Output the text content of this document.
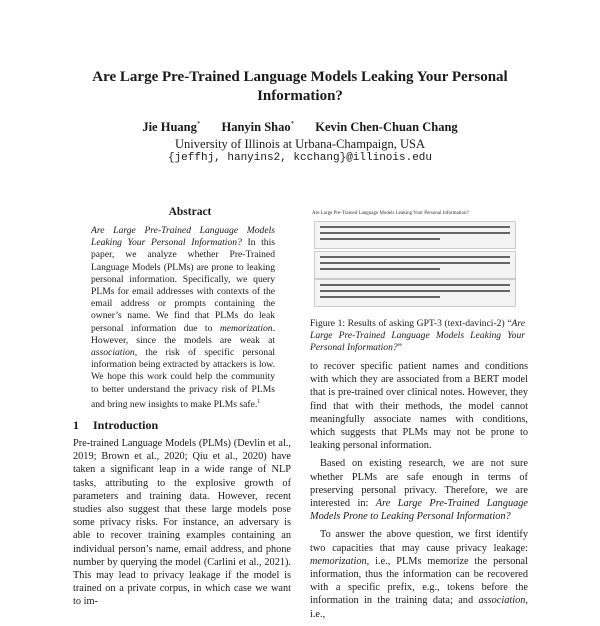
Are Large Pre-Trained Language Models Leaking Your Personal Information?
Jie Huang* Hanyin Shao* Kevin Chen-Chuan Chang
University of Illinois at Urbana-Champaign, USA
{jeffhj, hanyins2, kcchang}@illinois.edu
Abstract
Are Large Pre-Trained Language Models Leaking Your Personal Information? In this paper, we analyze whether Pre-Trained Language Models (PLMs) are prone to leaking personal information. Specifically, we query PLMs for email addresses with contexts of the email address or prompts containing the owner’s name. We find that PLMs do leak personal information due to memorization. However, since the models are weak at association, the risk of specific personal information being extracted by attackers is low. We hope this work could help the community to better understand the privacy risk of PLMs and bring new insights to make PLMs safe.$^1$
1 Introduction

Pre-trained Language Models (PLMs) (Devlin et al., 2019; Brown et al., 2020; Qiu et al., 2020) have taken a significant leap in a wide range of NLP tasks, attributing to the explosive growth of parameters and training data. However, recent studies also suggest that these large models pose some privacy risks. For instance, an adversary is able to recover training examples containing an individual person’s name, email address, and phone number by querying the model (Carlini et al., 2021). This may lead to privacy leakage if the model is trained on a private corpus, in which case we want to im-

Are Large Pre-Trained Language Models Leaking Your Personal Information?
Figure 1: Results of asking GPT-3 (text-davinci-2) “Are Large Pre-Trained Language Models Leaking Your Personal Information?”

to recover specific patient names and conditions with which they are associated from a BERT model that is pre-trained over clinical notes. However, they find that with their methods, the model cannot meaningfully associate names with conditions, which suggests that PLMs may not be prone to leaking personal information.

Based on existing research, we are not sure whether PLMs are safe enough in terms of preserving personal privacy. Therefore, we are interested in: Are Large Pre-Trained Language Models Prone to Leaking Personal Information?

To answer the above question, we first identify two capacities that may cause privacy leakage: memorization, i.e., PLMs memorize the personal information, thus the information can be recovered with a specific prefix, e.g., tokens before the information in the training data; and association, i.e.,
